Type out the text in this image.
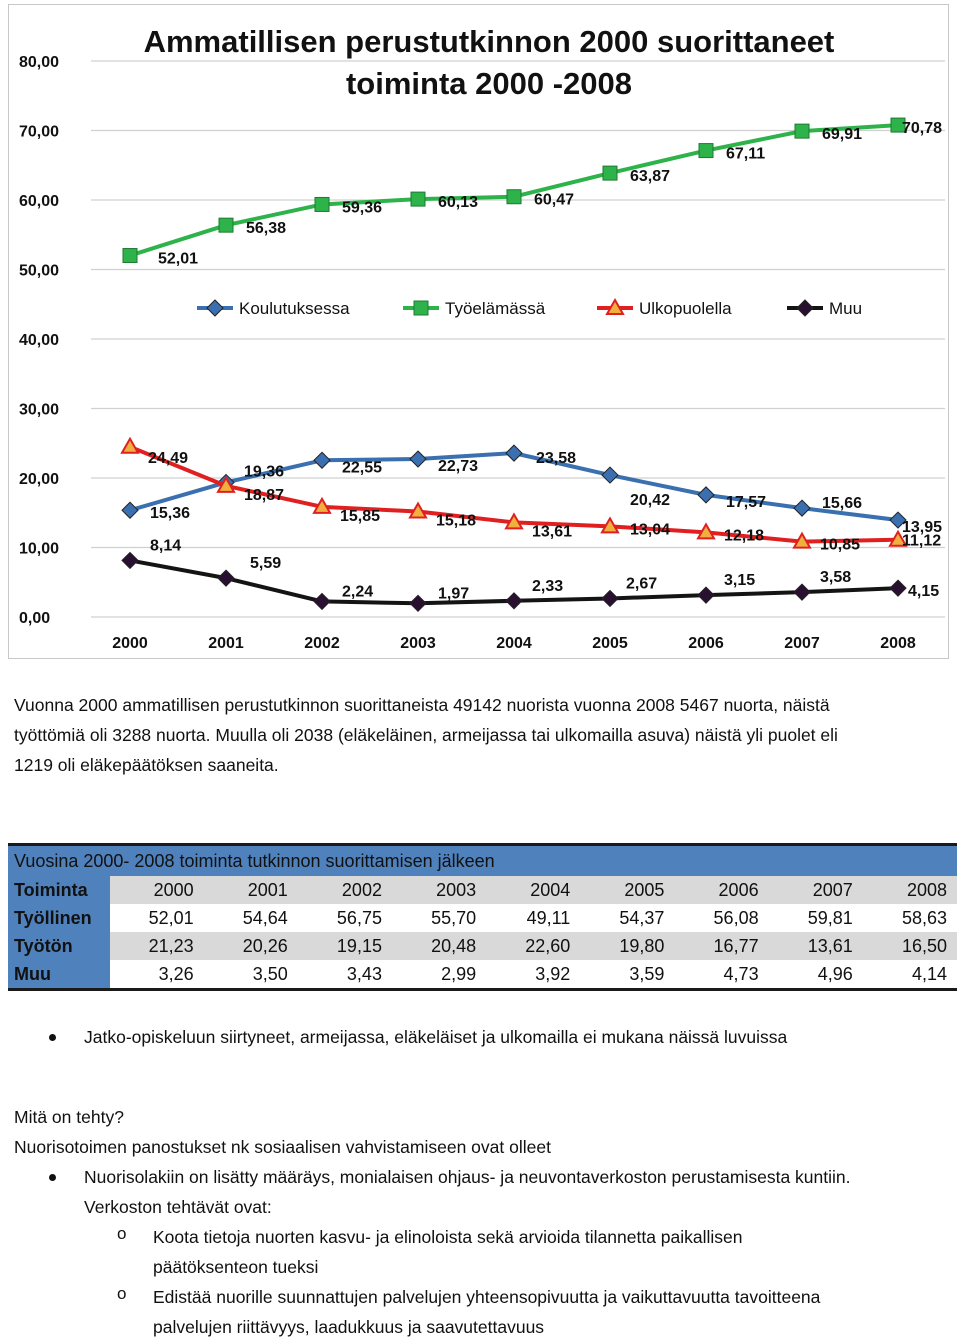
0,00
10,00
20,00
30,00
40,00
50,00
60,00
70,00
80,00
2000	2001	2002	2003	2004	2005	2006	2007	2008
15,36
19,36	22,55	22,73	23,58
20,42	17,57	15,66
13,95
52,01
56,38
59,36	60,13	60,47
63,87
67,11
69,91 70,78
24,49
18,87
15,85	15,18
13,61	13,04	12,18
10,85	11,12
8,14
5,59
2,24	1,97	2,33	2,67	3,15	3,58
4,15
Koulutuksessa	Työelämässä	Ulkopuolella	Muu
Ammatillisen perustutkinnon 2000 suorittaneet
toiminta 2000 -2008
Vuonna 2000 ammatillisen perustutkinnon suorittaneista 49142 nuorista vuonna 2008 5467 nuorta, näistä
työttömiä oli 3288 nuorta. Muulla oli 2038 (eläkeläinen, armeijassa tai ulkomailla asuva) näistä yli puolet eli
1219 oli eläkepäätöksen saaneita.
Vuosina 2000- 2008 toiminta tutkinnon suorittamisen jälkeen									
Toiminta	2000	2001	2002	2003	2004	2005	2006	2007	2008
Työllinen	52,01	54,64	56,75	55,70	49,11	54,37	56,08	59,81	58,63
Työtön	21,23	20,26	19,15	20,48	22,60	19,80	16,77	13,61	16,50
Muu	3,26	3,50	3,43	2,99	3,92	3,59	4,73	4,96	4,14
Jatko-opiskeluun siirtyneet, armeijassa, eläkeläiset ja ulkomailla ei mukana näissä luvuissa
Mitä on tehty?
Nuorisotoimen panostukset nk sosiaalisen vahvistamiseen ovat olleet
Nuorisolakiin on lisätty määräys, monialaisen ohjaus- ja neuvontaverkoston perustamisesta kuntiin.
Verkoston tehtävät ovat:
o Koota tietoja nuorten kasvu- ja elinoloista sekä arvioida tilannetta paikallisen
päätöksenteon tueksi
o Edistää nuorille suunnattujen palvelujen yhteensopivuutta ja vaikuttavuutta tavoitteena
palvelujen riittävyys, laadukkuus ja saavutettavuus
